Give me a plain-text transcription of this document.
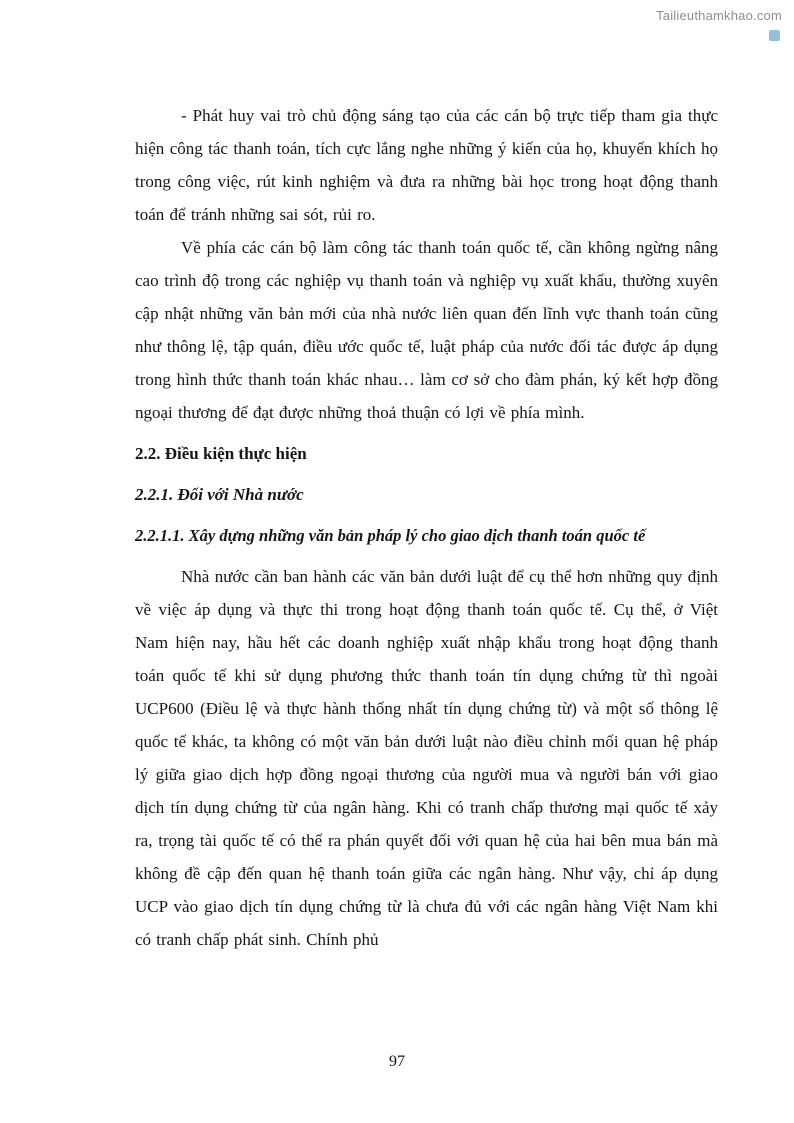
Tailieuthamkhao.com

- Phát huy vai trò chủ động sáng tạo của các cán bộ trực tiếp tham gia thực hiện công tác thanh toán, tích cực lắng nghe những ý kiến của họ, khuyến khích họ trong công việc, rút kinh nghiệm và đưa ra những bài học trong hoạt động thanh toán để tránh những sai sót, rủi ro.

Về phía các cán bộ làm công tác thanh toán quốc tế, cần không ngừng nâng cao trình độ trong các nghiệp vụ thanh toán và nghiệp vụ xuất khẩu, thường xuyên cập nhật những văn bản mới của nhà nước liên quan đến lĩnh vực thanh toán cũng như thông lệ, tập quán, điều ước quốc tế, luật pháp của nước đối tác được áp dụng trong hình thức thanh toán khác nhau… làm cơ sở cho đàm phán, ký kết hợp đồng ngoại thương để đạt được những thoả thuận có lợi về phía mình.

2.2. Điều kiện thực hiện
2.2.1. Đối với Nhà nước
2.2.1.1. Xây dựng những văn bản pháp lý cho giao dịch thanh toán quốc tế

Nhà nước cần ban hành các văn bản dưới luật để cụ thể hơn những quy định về việc áp dụng và thực thi trong hoạt động thanh toán quốc tế. Cụ thể, ở Việt Nam hiện nay, hầu hết các doanh nghiệp xuất nhập khẩu trong hoạt động thanh toán quốc tế khi sử dụng phương thức thanh toán tín dụng chứng từ thì ngoài UCP600 (Điều lệ và thực hành thống nhất tín dụng chứng từ) và một số thông lệ quốc tế khác, ta không có một văn bản dưới luật nào điều chỉnh mối quan hệ pháp lý giữa giao dịch hợp đồng ngoại thương của người mua và người bán với giao dịch tín dụng chứng từ của ngân hàng. Khi có tranh chấp thương mại quốc tế xảy ra, trọng tài quốc tế có thể ra phán quyết đối với quan hệ của hai bên mua bán mà không đề cập đến quan hệ thanh toán giữa các ngân hàng. Như vậy, chỉ áp dụng UCP vào giao dịch tín dụng chứng từ là chưa đủ với các ngân hàng Việt Nam khi có tranh chấp phát sinh. Chính phủ

97
